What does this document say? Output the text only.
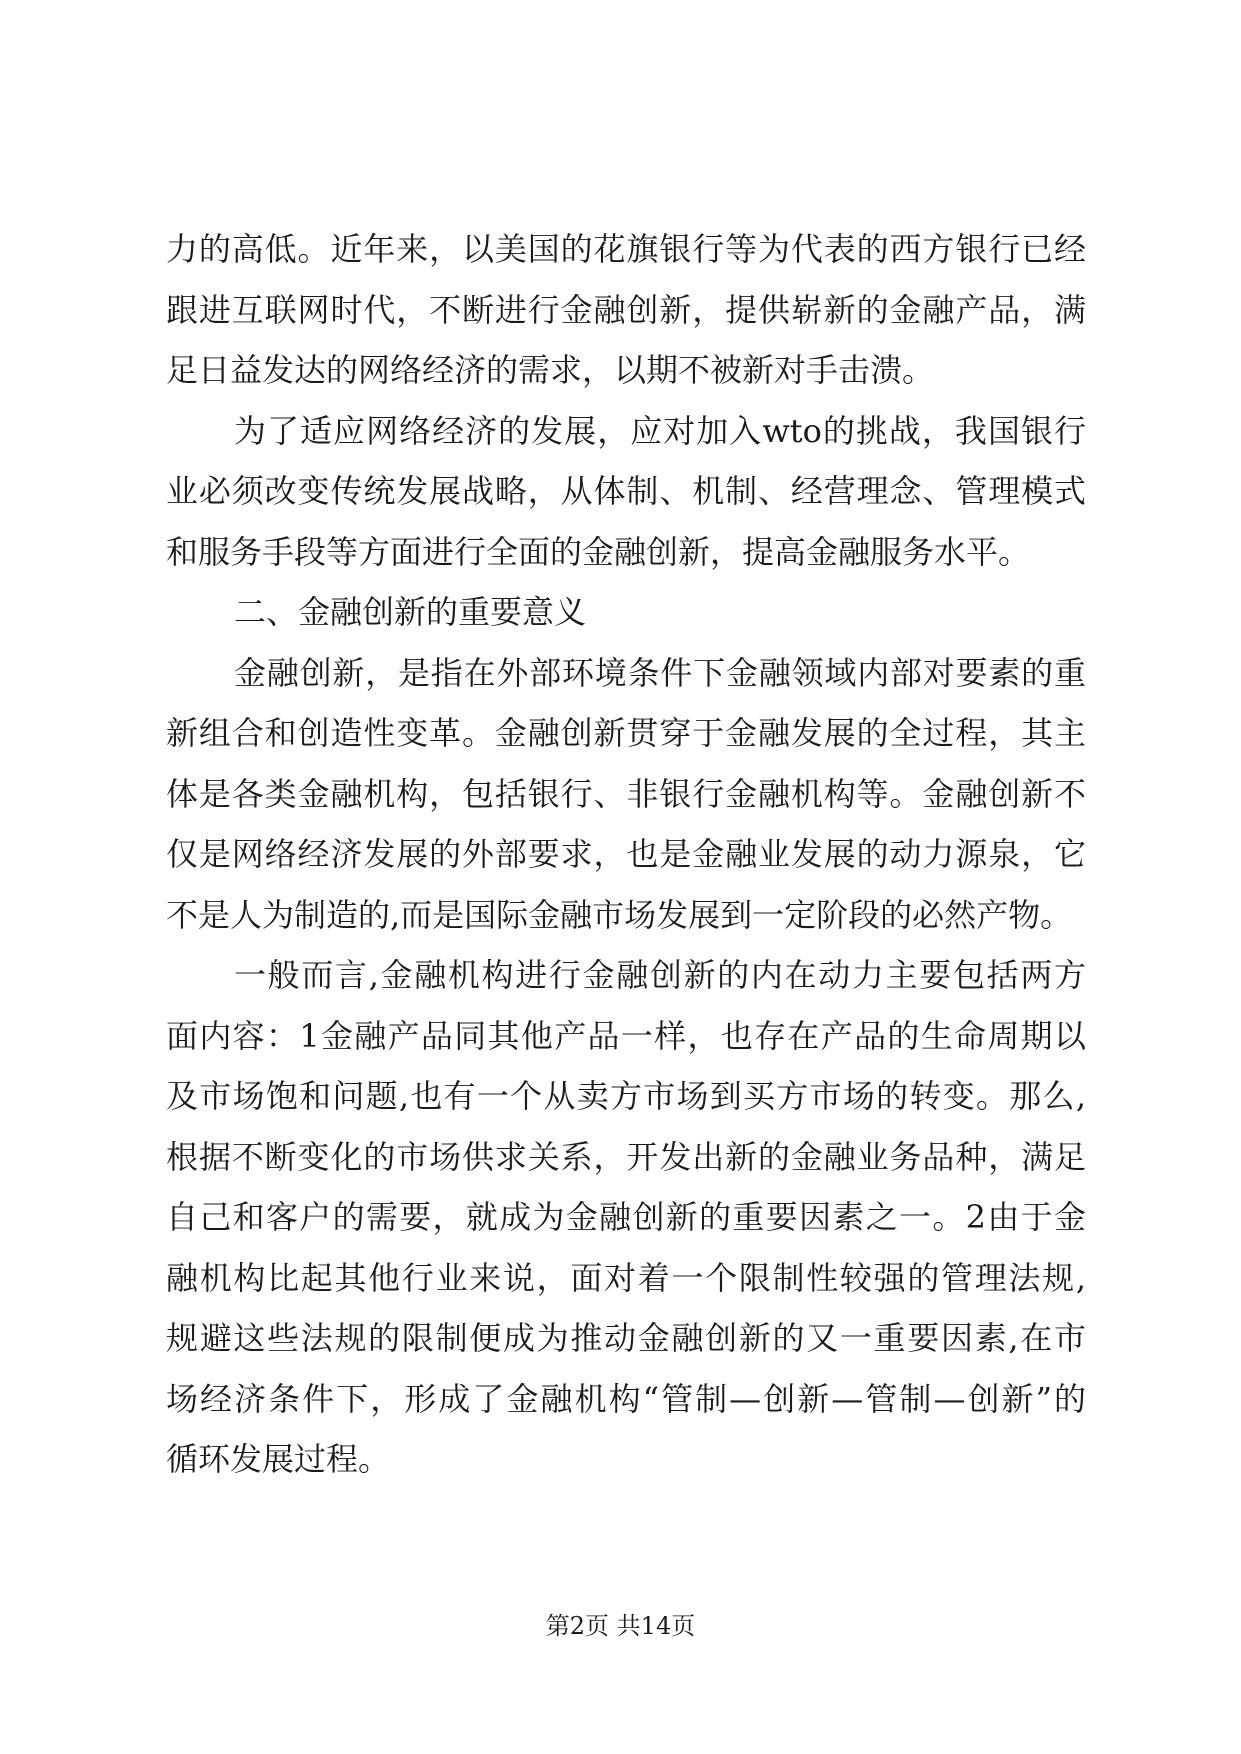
力的高低。近年来，以美国的花旗银行等为代表的西方银行已经
跟进互联网时代，不断进行金融创新，提供崭新的金融产品，满
足日益发达的网络经济的需求，以期不被新对手击溃。
为了适应网络经济的发展，应对加入wto的挑战，我国银行
业必须改变传统发展战略，从体制、机制、经营理念、管理模式
和服务手段等方面进行全面的金融创新，提高金融服务水平。
二、金融创新的重要意义
金融创新，是指在外部环境条件下金融领域内部对要素的重
新组合和创造性变革。金融创新贯穿于金融发展的全过程，其主
体是各类金融机构，包括银行、非银行金融机构等。金融创新不
仅是网络经济发展的外部要求，也是金融业发展的动力源泉，它
不是人为制造的,而是国际金融市场发展到一定阶段的必然产物。
一般而言,金融机构进行金融创新的内在动力主要包括两方
面内容：1金融产品同其他产品一样，也存在产品的生命周期以
及市场饱和问题,也有一个从卖方市场到买方市场的转变。那么,
根据不断变化的市场供求关系，开发出新的金融业务品种，满足
自己和客户的需要，就成为金融创新的重要因素之一。2由于金
融机构比起其他行业来说，面对着一个限制性较强的管理法规,
规避这些法规的限制便成为推动金融创新的又一重要因素,在市
场经济条件下，形成了金融机构“管制—创新—管制—创新”的
循环发展过程。
第2页 共14页
